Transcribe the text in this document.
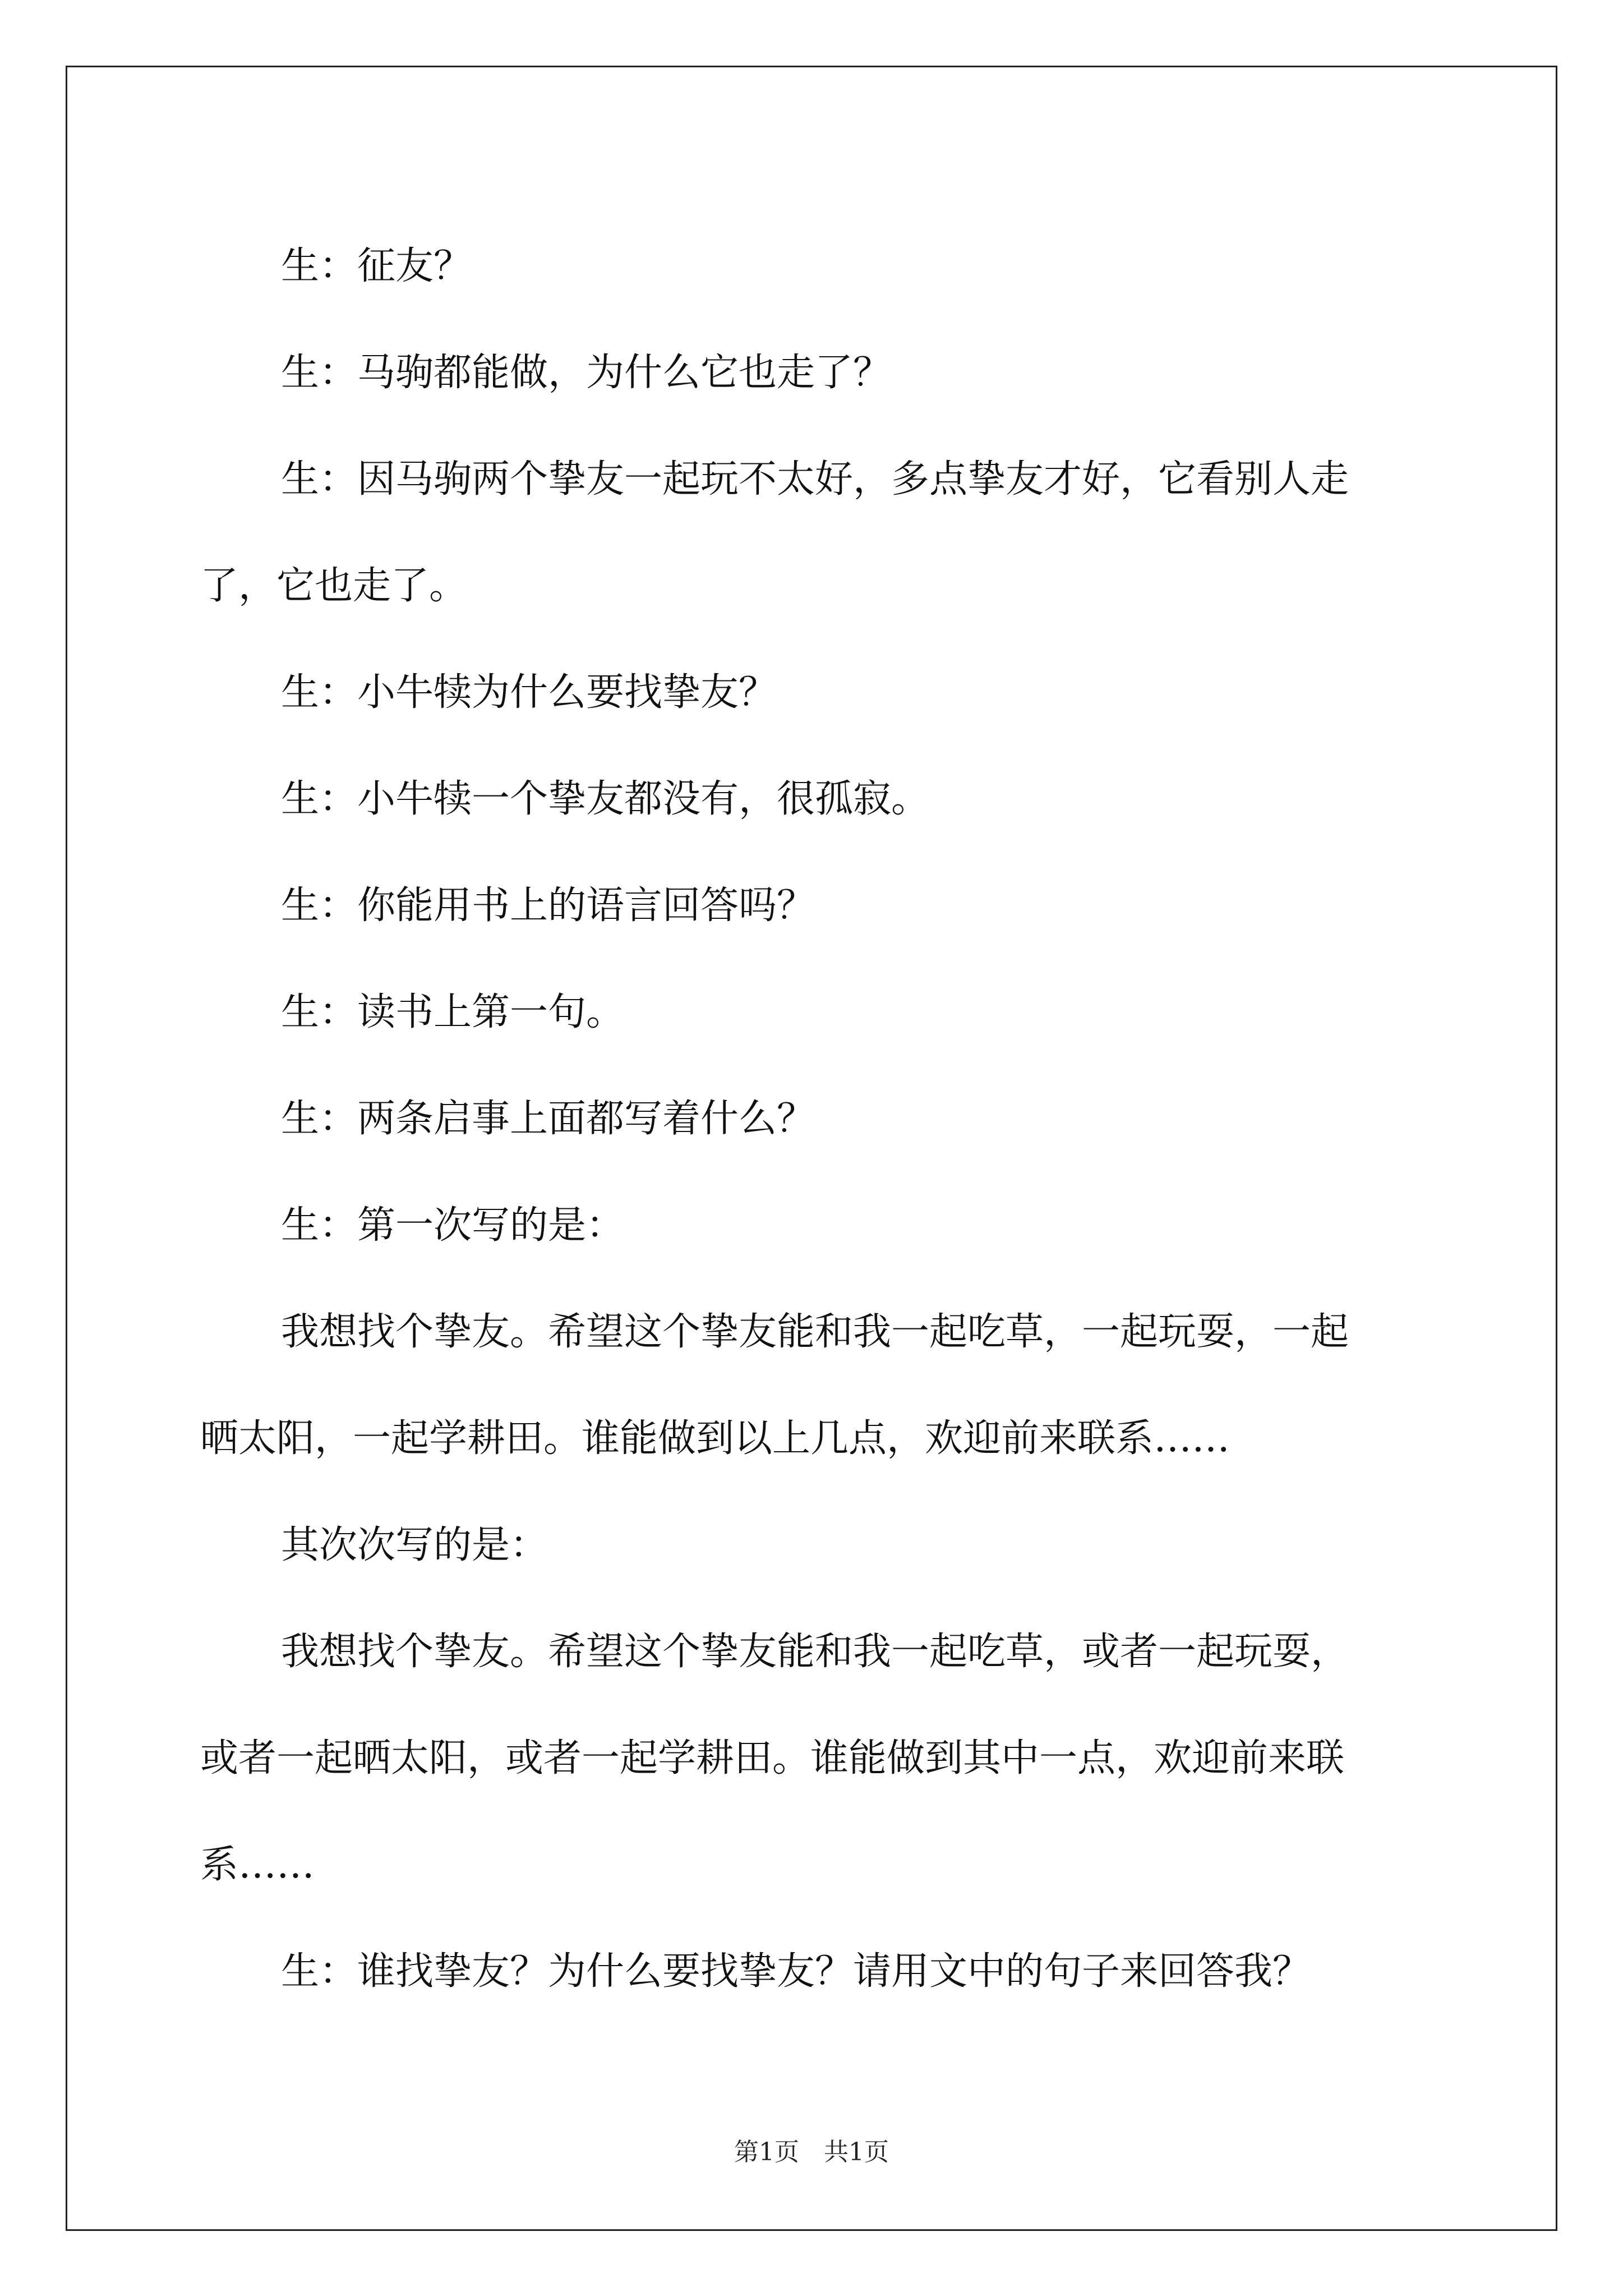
生：征友？
生：马驹都能做，为什么它也走了？
生：因马驹两个挚友一起玩不太好，多点挚友才好，它看别人走
了，它也走了。
生：小牛犊为什么要找挚友？
生：小牛犊一个挚友都没有，很孤寂。
生：你能用书上的语言回答吗？
生：读书上第一句。
生：两条启事上面都写着什么？
生：第一次写的是：
我想找个挚友。希望这个挚友能和我一起吃草，一起玩耍，一起
晒太阳，一起学耕田。谁能做到以上几点，欢迎前来联系……
其次次写的是：
我想找个挚友。希望这个挚友能和我一起吃草，或者一起玩耍，
或者一起晒太阳，或者一起学耕田。谁能做到其中一点，欢迎前来联
系……
生：谁找挚友？为什么要找挚友？请用文中的句子来回答我？
第1页　共1页
